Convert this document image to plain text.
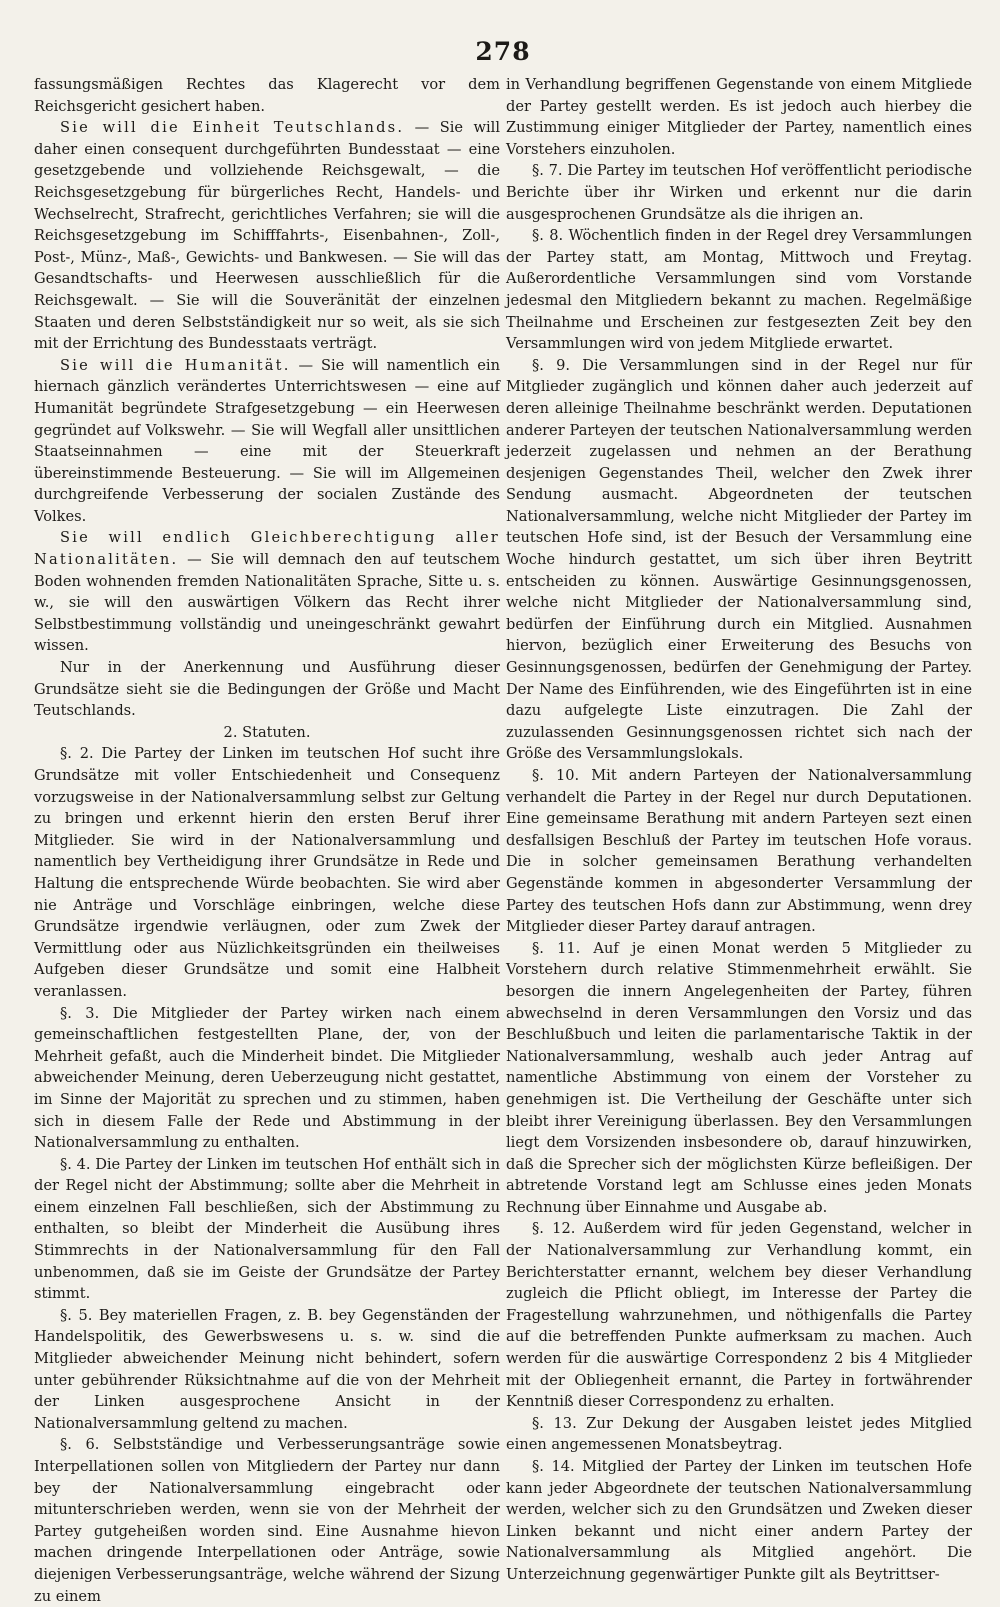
278

fassungsmäßigen Rechtes das Klagerecht vor dem Reichsgericht gesichert haben.

Sie will die Einheit Teutschlands. — Sie will daher einen consequent durchgeführten Bundesstaat — eine gesetzgebende und vollziehende Reichsgewalt, — die Reichsgesetzgebung für bürgerliches Recht, Handels- und Wechselrecht, Strafrecht, gerichtliches Verfahren; sie will die Reichsgesetzgebung im Schifffahrts-, Eisenbahnen-, Zoll-, Post-, Münz-, Maß-, Gewichts- und Bankwesen. — Sie will das Gesandtschafts- und Heerwesen ausschließlich für die Reichsgewalt. — Sie will die Souveränität der einzelnen Staaten und deren Selbstständigkeit nur so weit, als sie sich mit der Errichtung des Bundesstaats verträgt.

Sie will die Humanität. — Sie will namentlich ein hiernach gänzlich verändertes Unterrichtswesen — eine auf Humanität begründete Strafgesetzgebung — ein Heerwesen gegründet auf Volkswehr. — Sie will Wegfall aller unsittlichen Staatseinnahmen — eine mit der Steuerkraft übereinstimmende Besteuerung. — Sie will im Allgemeinen durchgreifende Verbesserung der socialen Zustände des Volkes.

Sie will endlich Gleichberechtigung aller Nationalitäten. — Sie will demnach den auf teutschem Boden wohnenden fremden Nationalitäten Sprache, Sitte u. s. w., sie will den auswärtigen Völkern das Recht ihrer Selbstbestimmung vollständig und uneingeschränkt gewahrt wissen.

Nur in der Anerkennung und Ausführung dieser Grundsätze sieht sie die Bedingungen der Größe und Macht Teutschlands.

2. Statuten.

§. 2. Die Partey der Linken im teutschen Hof sucht ihre Grundsätze mit voller Entschiedenheit und Consequenz vorzugsweise in der Nationalversammlung selbst zur Geltung zu bringen und erkennt hierin den ersten Beruf ihrer Mitglieder. Sie wird in der Nationalversammlung und namentlich bey Vertheidigung ihrer Grundsätze in Rede und Haltung die entsprechende Würde beobachten. Sie wird aber nie Anträge und Vorschläge einbringen, welche diese Grundsätze irgendwie verläugnen, oder zum Zwek der Vermittlung oder aus Nüzlichkeitsgründen ein theilweises Aufgeben dieser Grundsätze und somit eine Halbheit veranlassen.

§. 3. Die Mitglieder der Partey wirken nach einem gemeinschaftlichen festgestellten Plane, der, von der Mehrheit gefaßt, auch die Minderheit bindet. Die Mitglieder abweichender Meinung, deren Ueberzeugung nicht gestattet, im Sinne der Majorität zu sprechen und zu stimmen, haben sich in diesem Falle der Rede und Abstimmung in der Nationalversammlung zu enthalten.

§. 4. Die Partey der Linken im teutschen Hof enthält sich in der Regel nicht der Abstimmung; sollte aber die Mehrheit in einem einzelnen Fall beschließen, sich der Abstimmung zu enthalten, so bleibt der Minderheit die Ausübung ihres Stimmrechts in der Nationalversammlung für den Fall unbenommen, daß sie im Geiste der Grundsätze der Partey stimmt.

§. 5. Bey materiellen Fragen, z. B. bey Gegenständen der Handelspolitik, des Gewerbswesens u. s. w. sind die Mitglieder abweichender Meinung nicht behindert, sofern unter gebührender Rüksichtnahme auf die von der Mehrheit der Linken ausgesprochene Ansicht in der Nationalversammlung geltend zu machen.

§. 6. Selbstständige und Verbesserungsanträge sowie Interpellationen sollen von Mitgliedern der Partey nur dann bey der Nationalversammlung eingebracht oder mitunterschrieben werden, wenn sie von der Mehrheit der Partey gutgeheißen worden sind. Eine Ausnahme hievon machen dringende Interpellationen oder Anträge, sowie diejenigen Verbesserungsanträge, welche während der Sizung zu einem

in Verhandlung begriffenen Gegenstande von einem Mitgliede der Partey gestellt werden. Es ist jedoch auch hierbey die Zustimmung einiger Mitglieder der Partey, namentlich eines Vorstehers einzuholen.

§. 7. Die Partey im teutschen Hof veröffentlicht periodische Berichte über ihr Wirken und erkennt nur die darin ausgesprochenen Grundsätze als die ihrigen an.

§. 8. Wöchentlich finden in der Regel drey Versammlungen der Partey statt, am Montag, Mittwoch und Freytag. Außerordentliche Versammlungen sind vom Vorstande jedesmal den Mitgliedern bekannt zu machen. Regelmäßige Theilnahme und Erscheinen zur festgesezten Zeit bey den Versammlungen wird von jedem Mitgliede erwartet.

§. 9. Die Versammlungen sind in der Regel nur für Mitglieder zugänglich und können daher auch jederzeit auf deren alleinige Theilnahme beschränkt werden. Deputationen anderer Parteyen der teutschen Nationalversammlung werden jederzeit zugelassen und nehmen an der Berathung desjenigen Gegenstandes Theil, welcher den Zwek ihrer Sendung ausmacht. Abgeordneten der teutschen Nationalversammlung, welche nicht Mitglieder der Partey im teutschen Hofe sind, ist der Besuch der Versammlung eine Woche hindurch gestattet, um sich über ihren Beytritt entscheiden zu können. Auswärtige Gesinnungsgenossen, welche nicht Mitglieder der Nationalversammlung sind, bedürfen der Einführung durch ein Mitglied. Ausnahmen hiervon, bezüglich einer Erweiterung des Besuchs von Gesinnungsgenossen, bedürfen der Genehmigung der Partey. Der Name des Einführenden, wie des Eingeführten ist in eine dazu aufgelegte Liste einzutragen. Die Zahl der zuzulassenden Gesinnungsgenossen richtet sich nach der Größe des Versammlungslokals.

§. 10. Mit andern Parteyen der Nationalversammlung verhandelt die Partey in der Regel nur durch Deputationen. Eine gemeinsame Berathung mit andern Parteyen sezt einen desfallsigen Beschluß der Partey im teutschen Hofe voraus. Die in solcher gemeinsamen Berathung verhandelten Gegenstände kommen in abgesonderter Versammlung der Partey des teutschen Hofs dann zur Abstimmung, wenn drey Mitglieder dieser Partey darauf antragen.

§. 11. Auf je einen Monat werden 5 Mitglieder zu Vorstehern durch relative Stimmenmehrheit erwählt. Sie besorgen die innern Angelegenheiten der Partey, führen abwechselnd in deren Versammlungen den Vorsiz und das Beschlußbuch und leiten die parlamentarische Taktik in der Nationalversammlung, weshalb auch jeder Antrag auf namentliche Abstimmung von einem der Vorsteher zu genehmigen ist. Die Vertheilung der Geschäfte unter sich bleibt ihrer Vereinigung überlassen. Bey den Versammlungen liegt dem Vorsizenden insbesondere ob, darauf hinzuwirken, daß die Sprecher sich der möglichsten Kürze befleißigen. Der abtretende Vorstand legt am Schlusse eines jeden Monats Rechnung über Einnahme und Ausgabe ab.

§. 12. Außerdem wird für jeden Gegenstand, welcher in der Nationalversammlung zur Verhandlung kommt, ein Berichterstatter ernannt, welchem bey dieser Verhandlung zugleich die Pflicht obliegt, im Interesse der Partey die Fragestellung wahrzunehmen, und nöthigenfalls die Partey auf die betreffenden Punkte aufmerksam zu machen. Auch werden für die auswärtige Correspondenz 2 bis 4 Mitglieder mit der Obliegenheit ernannt, die Partey in fortwährender Kenntniß dieser Correspondenz zu erhalten.

§. 13. Zur Dekung der Ausgaben leistet jedes Mitglied einen angemessenen Monatsbeytrag.

§. 14. Mitglied der Partey der Linken im teutschen Hofe kann jeder Abgeordnete der teutschen Nationalversammlung werden, welcher sich zu den Grundsätzen und Zweken dieser Linken bekannt und nicht einer andern Partey der Nationalversammlung als Mitglied angehört. Die Unterzeichnung gegenwärtiger Punkte gilt als Beytrittser-
